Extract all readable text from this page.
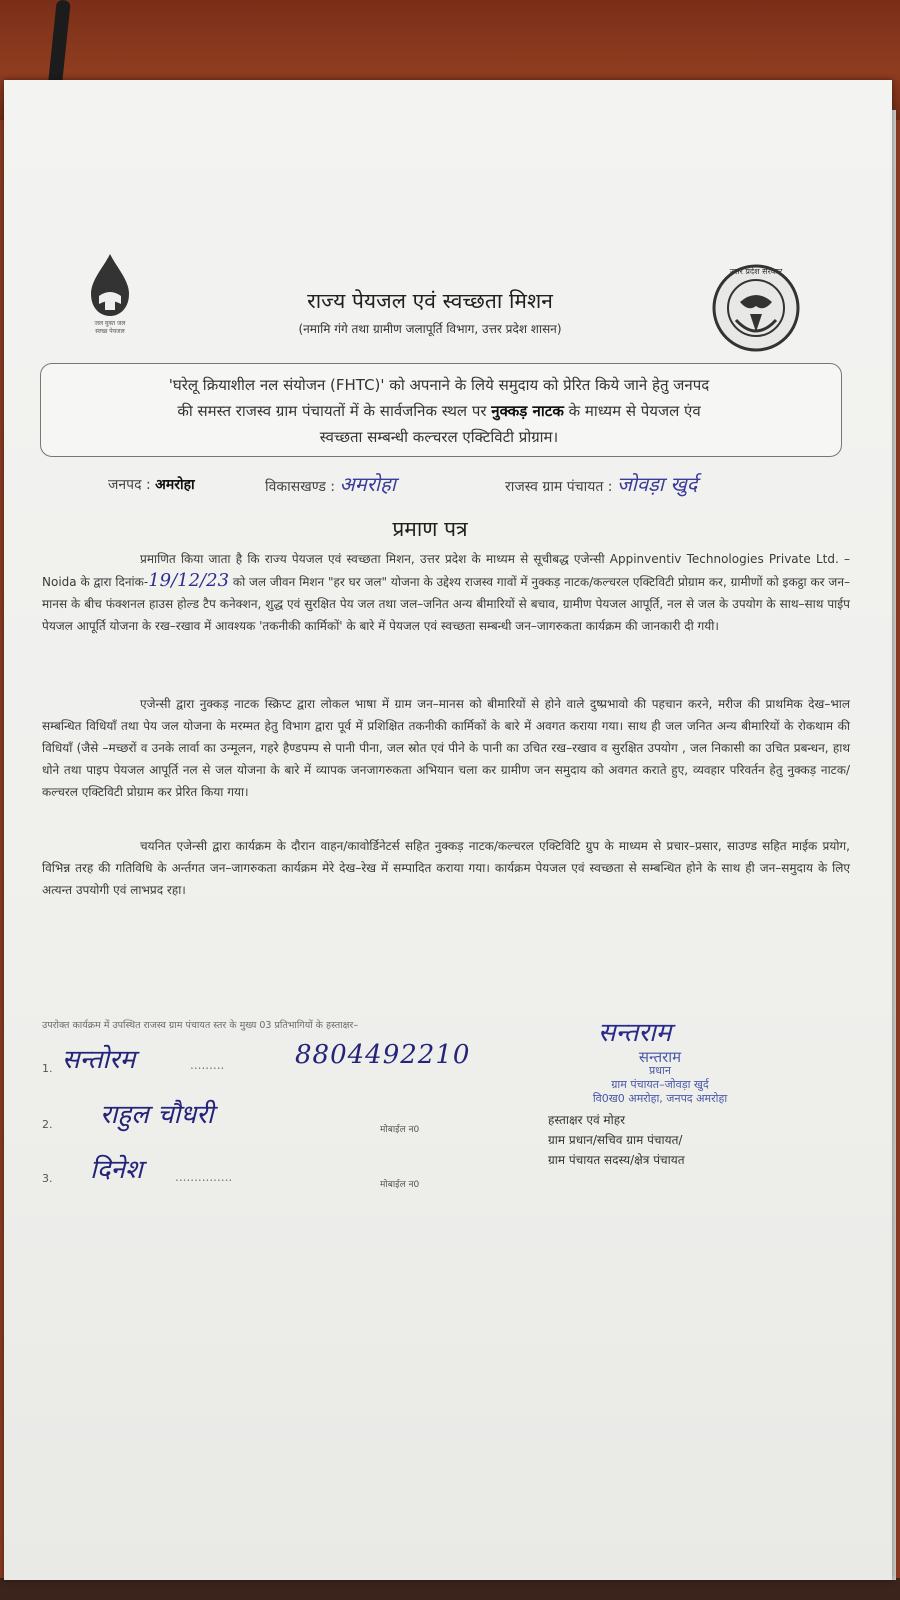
जल युक्त जल
स्वच्छ पेयजल
उत्तर प्रदेश सरकार
राज्य पेयजल एवं स्वच्छता मिशन
(नमामि गंगे तथा ग्रामीण जलापूर्ति विभाग, उत्तर प्रदेश शासन)
'घरेलू क्रियाशील नल संयोजन (FHTC)' को अपनाने के लिये समुदाय को प्रेरित किये जाने हेतु जनपद
की समस्त राजस्व ग्राम पंचायतों में के सार्वजनिक स्थल पर नुक्कड़ नाटक के माध्यम से पेयजल एंव
स्वच्छता सम्बन्धी कल्चरल एक्टिविटी प्रोग्राम।
जनपद : अमरोहा	विकासखण्ड : अमरोहा	राजस्व ग्राम पंचायत : जोवड़ा खुर्द
प्रमाण पत्र
प्रमाणित किया जाता है कि राज्य पेयजल एवं स्वच्छता मिशन, उत्तर प्रदेश के माध्यम से सूचीबद्ध एजेन्सी Appinventiv Technologies Private Ltd. – Noida के द्वारा दिनांक-19/12/23 को जल जीवन मिशन "हर घर जल" योजना के उद्देश्य राजस्व गावों में नुक्कड़ नाटक/कल्चरल एक्टिविटी प्रोग्राम कर, ग्रामीणों को इकट्ठा कर जन–मानस के बीच फंक्शनल हाउस होल्ड टैप कनेक्शन, शुद्ध एवं सुरक्षित पेय जल तथा जल–जनित अन्य बीमारियों से बचाव, ग्रामीण पेयजल आपूर्ति, नल से जल के उपयोग के साथ–साथ पाईप पेयजल आपूर्ति योजना के रख–रखाव में आवश्यक 'तकनीकी कार्मिकों' के बारे में पेयजल एवं स्वच्छता सम्बन्धी जन–जागरुकता कार्यक्रम की जानकारी दी गयी।
एजेन्सी द्वारा नुक्कड़ नाटक स्क्रिप्ट द्वारा लोकल भाषा में ग्राम जन–मानस को बीमारियों से होने वाले दुष्प्रभावो की पहचान करने, मरीज की प्राथमिक देख–भाल सम्बन्धित विधियाँ तथा पेय जल योजना के मरम्मत हेतु विभाग द्वारा पूर्व में प्रशिक्षित तकनीकी कार्मिकों के बारे में अवगत कराया गया। साथ ही जल जनित अन्य बीमारियों के रोकथाम की विधियाँ (जैसे –मच्छरों व उनके लार्वा का उन्मूलन, गहरे हैण्डपम्प से पानी पीना, जल स्रोत एवं पीने के पानी का उचित रख–रखाव व सुरक्षित उपयोग , जल निकासी का उचित प्रबन्धन, हाथ धोने तथा पाइप पेयजल आपूर्ति नल से जल योजना के बारे में व्यापक जनजागरुकता अभियान चला कर ग्रामीण जन समुदाय को अवगत कराते हुए, व्यवहार परिवर्तन हेतु नुक्कड़ नाटक/कल्चरल एक्टिविटी प्रोग्राम कर प्रेरित किया गया।
चयनित एजेन्सी द्वारा कार्यक्रम के दौरान वाहन/कावोर्डिनेटर्स सहित नुक्कड़ नाटक/कल्चरल एक्टिविटि ग्रुप के माध्यम से प्रचार–प्रसार, साउण्ड सहित माईक प्रयोग, विभिन्न तरह की गतिविधि के अर्न्तगत जन–जागरुकता कार्यक्रम मेरे देख–रेख में सम्पादित कराया गया। कार्यक्रम पेयजल एवं स्वच्छता से सम्बन्धित होने के साथ ही जन–समुदाय के लिए अत्यन्त उपयोगी एवं लाभप्रद रहा।
उपरोक्त कार्यक्रम में उपस्थित राजस्व ग्राम पंचायत स्तर के मुख्य 03 प्रतिभागियों के हस्ताक्षर–
1. सन्तोरम	.........	8804492210
2. राहुल चौधरी	मोबाईल न0
3. दिनेश	...............
मोबाईल न0
सन्तराम
सन्तराम
प्रधान
ग्राम पंचायत–जोवड़ा खुर्द
वि0ख0 अमरोहा, जनपद अमरोहा
हस्ताक्षर एवं मोहर
ग्राम प्रधान/सचिव ग्राम पंचायत/
ग्राम पंचायत सदस्य/क्षेत्र पंचायत
